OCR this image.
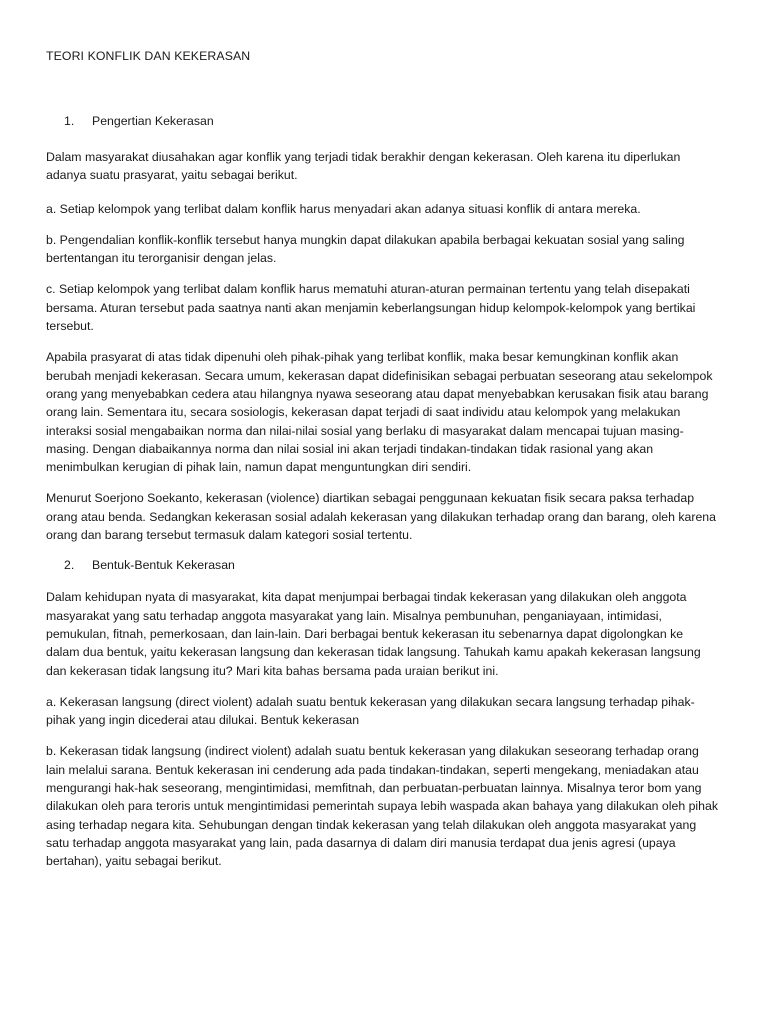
TEORI KONFLIK DAN KEKERASAN
1. Pengertian Kekerasan

Dalam masyarakat diusahakan agar konflik yang terjadi tidak berakhir dengan kekerasan. Oleh karena itu diperlukan adanya suatu prasyarat, yaitu sebagai berikut.

a. Setiap kelompok yang terlibat dalam konflik harus menyadari akan adanya situasi konflik di antara mereka.

b. Pengendalian konflik-konflik tersebut hanya mungkin dapat dilakukan apabila berbagai kekuatan sosial yang saling bertentangan itu terorganisir dengan jelas.

c. Setiap kelompok yang terlibat dalam konflik harus mematuhi aturan-aturan permainan tertentu yang telah disepakati bersama. Aturan tersebut pada saatnya nanti akan menjamin keberlangsungan hidup kelompok-kelompok yang bertikai tersebut.

Apabila prasyarat di atas tidak dipenuhi oleh pihak-pihak yang terlibat konflik, maka besar kemungkinan konflik akan berubah menjadi kekerasan. Secara umum, kekerasan dapat didefinisikan sebagai perbuatan seseorang atau sekelompok orang yang menyebabkan cedera atau hilangnya nyawa seseorang atau dapat menyebabkan kerusakan fisik atau barang orang lain. Sementara itu, secara sosiologis, kekerasan dapat terjadi di saat individu atau kelompok yang melakukan interaksi sosial mengabaikan norma dan nilai-nilai sosial yang berlaku di masyarakat dalam mencapai tujuan masing-masing. Dengan diabaikannya norma dan nilai sosial ini akan terjadi tindakan-tindakan tidak rasional yang akan menimbulkan kerugian di pihak lain, namun dapat menguntungkan diri sendiri.

Menurut Soerjono Soekanto, kekerasan (violence) diartikan sebagai penggunaan kekuatan fisik secara paksa terhadap orang atau benda. Sedangkan kekerasan sosial adalah kekerasan yang dilakukan terhadap orang dan barang, oleh karena orang dan barang tersebut termasuk dalam kategori sosial tertentu.

2. Bentuk-Bentuk Kekerasan

Dalam kehidupan nyata di masyarakat, kita dapat menjumpai berbagai tindak kekerasan yang dilakukan oleh anggota masyarakat yang satu terhadap anggota masyarakat yang lain. Misalnya pembunuhan, penganiayaan, intimidasi, pemukulan, fitnah, pemerkosaan, dan lain-lain. Dari berbagai bentuk kekerasan itu sebenarnya dapat digolongkan ke dalam dua bentuk, yaitu kekerasan langsung dan kekerasan tidak langsung. Tahukah kamu apakah kekerasan langsung dan kekerasan tidak langsung itu? Mari kita bahas bersama pada uraian berikut ini.

a. Kekerasan langsung (direct violent) adalah suatu bentuk kekerasan yang dilakukan secara langsung terhadap pihak-pihak yang ingin dicederai atau dilukai. Bentuk kekerasan

b. Kekerasan tidak langsung (indirect violent) adalah suatu bentuk kekerasan yang dilakukan seseorang terhadap orang lain melalui sarana. Bentuk kekerasan ini cenderung ada pada tindakan-tindakan, seperti mengekang, meniadakan atau mengurangi hak-hak seseorang, mengintimidasi, memfitnah, dan perbuatan-perbuatan lainnya. Misalnya teror bom yang dilakukan oleh para teroris untuk mengintimidasi pemerintah supaya lebih waspada akan bahaya yang dilakukan oleh pihak asing terhadap negara kita. Sehubungan dengan tindak kekerasan yang telah dilakukan oleh anggota masyarakat yang satu terhadap anggota masyarakat yang lain, pada dasarnya di dalam diri manusia terdapat dua jenis agresi (upaya bertahan), yaitu sebagai berikut.
